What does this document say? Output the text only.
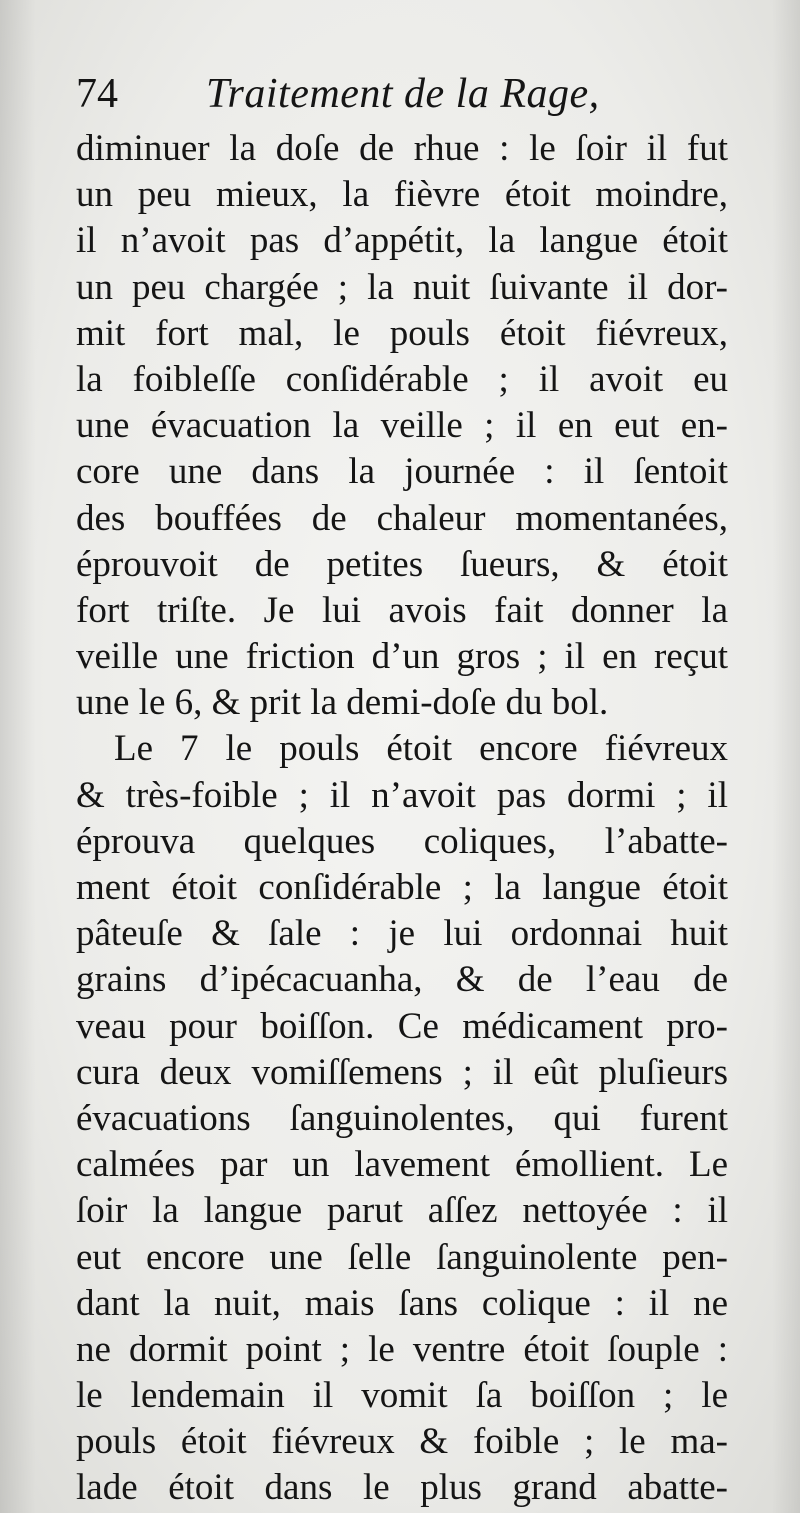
74 Traitement de la Rage,
diminuer la doſe de rhue : le ſoir il fut
un peu mieux, la fièvre étoit moindre,
il n’avoit pas d’appétit, la langue étoit
un peu chargée ; la nuit ſuivante il dor-
mit fort mal, le pouls étoit fiévreux,
la foibleſſe conſidérable ; il avoit eu
une évacuation la veille ; il en eut en-
core une dans la journée : il ſentoit
des bouffées de chaleur momentanées,
éprouvoit de petites ſueurs, & étoit
fort triſte. Je lui avois fait donner la
veille une friction d’un gros ; il en reçut
une le 6, & prit la demi-doſe du bol.
Le 7 le pouls étoit encore fiévreux
& très-foible ; il n’avoit pas dormi ; il
éprouva quelques coliques, l’abatte-
ment étoit conſidérable ; la langue étoit
pâteuſe & ſale : je lui ordonnai huit
grains d’ipécacuanha, & de l’eau de
veau pour boiſſon. Ce médicament pro-
cura deux vomiſſemens ; il eût pluſieurs
évacuations ſanguinolentes, qui furent
calmées par un lavement émollient. Le
ſoir la langue parut aſſez nettoyée : il
eut encore une ſelle ſanguinolente pen-
dant la nuit, mais ſans colique : il ne
ne dormit point ; le ventre étoit ſouple :
le lendemain il vomit ſa boiſſon ; le
pouls étoit fiévreux & foible ; le ma-
lade étoit dans le plus grand abatte-
